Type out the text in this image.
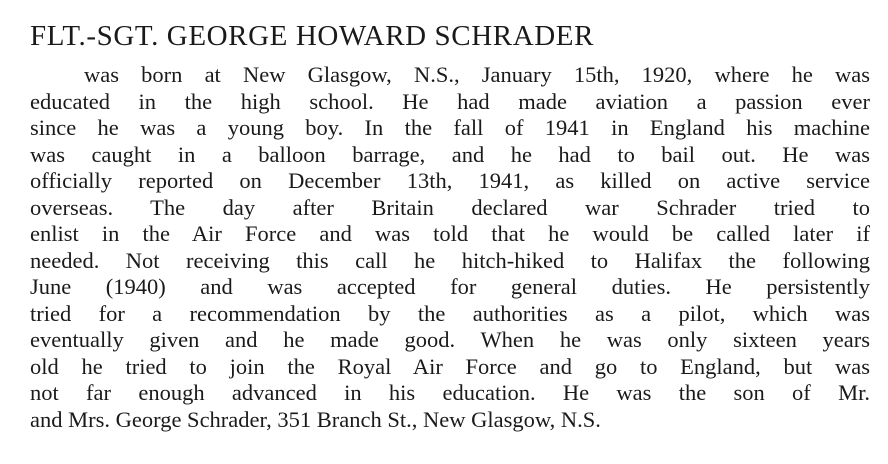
FLT.-SGT. GEORGE HOWARD SCHRADER
was born at New Glasgow, N.S., January 15th, 1920, where he was
educated in the high school. He had made aviation a passion ever
since he was a young boy. In the fall of 1941 in England his machine
was caught in a balloon barrage, and he had to bail out. He was
officially reported on December 13th, 1941, as killed on active service
overseas. The day after Britain declared war Schrader tried to
enlist in the Air Force and was told that he would be called later if
needed. Not receiving this call he hitch-hiked to Halifax the following
June (1940) and was accepted for general duties. He persistently
tried for a recommendation by the authorities as a pilot, which was
eventually given and he made good. When he was only sixteen years
old he tried to join the Royal Air Force and go to England, but was
not far enough advanced in his education. He was the son of Mr.
and Mrs. George Schrader, 351 Branch St., New Glasgow, N.S.
